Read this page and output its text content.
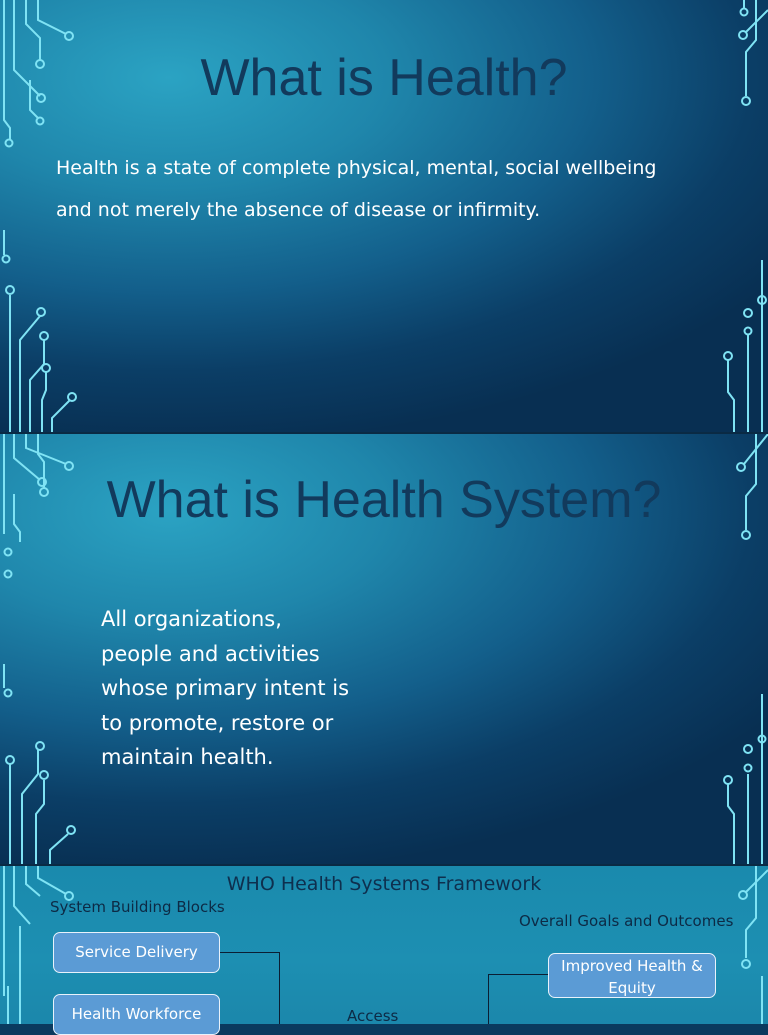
What is Health?
Health is a state of complete physical, mental, social wellbeing
and not merely the absence of disease or infirmity.
What is Health System?
All organizations,
people and activities
whose primary intent is
to promote, restore or
maintain health.
WHO Health Systems Framework
System Building Blocks
Overall Goals and Outcomes
Service Delivery
Health Workforce
Improved Health &
Equity
Access
